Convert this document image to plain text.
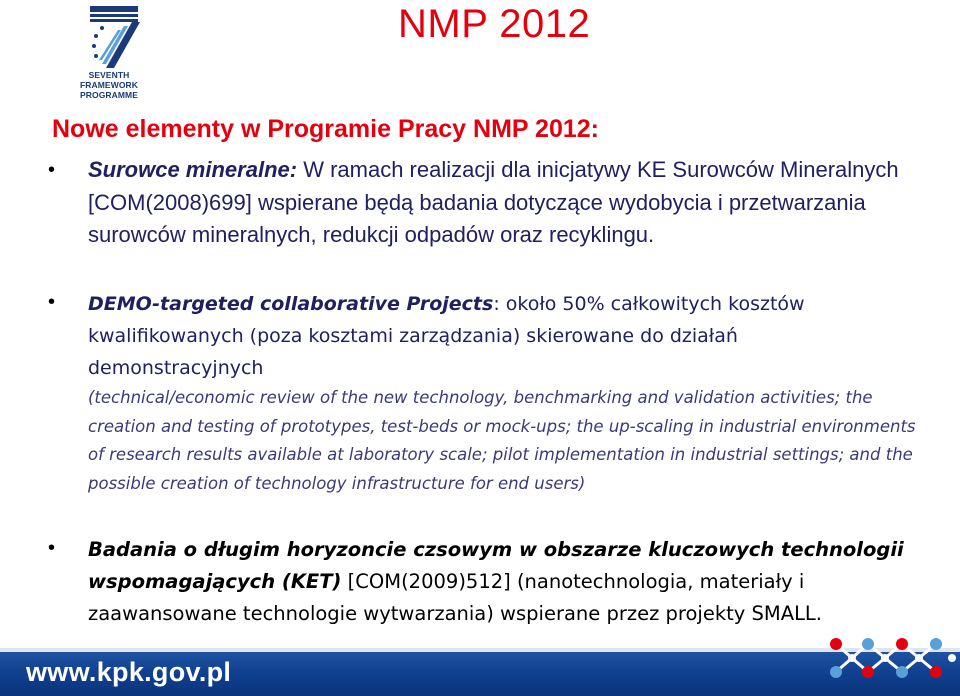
SEVENTH FRAMEWORK
PROGRAMME
NMP 2012
Nowe elementy w Programie Pracy NMP 2012:
• Surowce mineralne: W ramach realizacji dla inicjatywy KE Surowców Mineralnych [COM(2008)699] wspierane będą badania dotyczące wydobycia i przetwarzania surowców mineralnych, redukcji odpadów oraz recyklingu.
• DEMO-targeted collaborative Projects: około 50% całkowitych kosztów kwalifikowanych (poza kosztami zarządzania) skierowane do działań demonstracyjnych
(technical/economic review of the new technology, benchmarking and validation activities; the creation and testing of prototypes, test-beds or mock-ups; the up-scaling in industrial environments of research results available at laboratory scale; pilot implementation in industrial settings; and the possible creation of technology infrastructure for end users)
• Badania o długim horyzoncie czsowym w obszarze kluczowych technologii wspomagających (KET) [COM(2009)512] (nanotechnologia, materiały i zaawansowane technologie wytwarzania) wspierane przez projekty SMALL.
www.kpk.gov.pl
